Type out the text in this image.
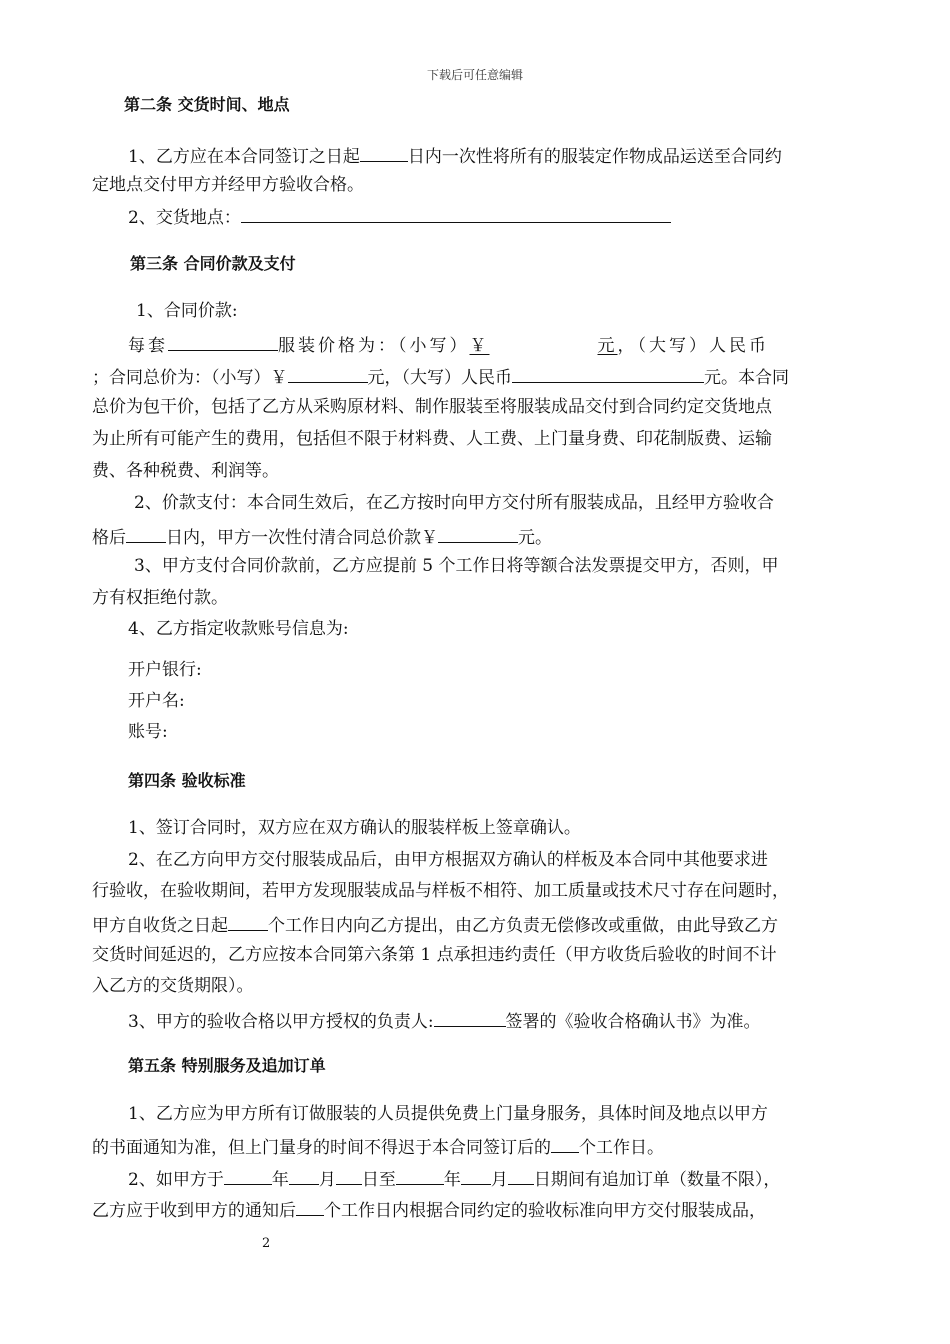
下载后可任意编辑
第二条 交货时间、地点
1、乙方应在本合同签订之日起	日内一次性将所有的服装定作物成品运送至合同约
定地点交付甲方并经甲方验收合格。
2、交货地点：
第三条 合同价款及支付
1、合同价款:
每套	服装价格为：（小写）￥	元，（大写）人民币
；合同总价为：（小写）￥	元，（大写）人民币	元。本合同
总价为包干价，包括了乙方从采购原材料、制作服装至将服装成品交付到合同约定交货地点
为止所有可能产生的费用，包括但不限于材料费、人工费、上门量身费、印花制版费、运输
费、各种税费、利润等。
2、价款支付：本合同生效后，在乙方按时向甲方交付所有服装成品，且经甲方验收合
格后 日内，甲方一次性付清合同总价款￥	元。
3、甲方支付合同价款前，乙方应提前 5 个工作日将等额合法发票提交甲方，否则，甲
方有权拒绝付款。
4、乙方指定收款账号信息为:
开户银行:
开户名:
账号:
第四条 验收标准
1、签订合同时，双方应在双方确认的服装样板上签章确认。
2、在乙方向甲方交付服装成品后，由甲方根据双方确认的样板及本合同中其他要求进
行验收，在验收期间，若甲方发现服装成品与样板不相符、加工质量或技术尺寸存在问题时，
甲方自收货之日起 个工作日内向乙方提出，由乙方负责无偿修改或重做，由此导致乙方
交货时间延迟的，乙方应按本合同第六条第 1 点承担违约责任（甲方收货后验收的时间不计
入乙方的交货期限）。
3、甲方的验收合格以甲方授权的负责人:	签署的《验收合格确认书》为准。
第五条 特别服务及追加订单
1、乙方应为甲方所有订做服装的人员提供免费上门量身服务，具体时间及地点以甲方
的书面通知为准，但上门量身的时间不得迟于本合同签订后的 个工作日。
2、如甲方于	年 月 日至	年 月 日期间有追加订单（数量不限），
乙方应于收到甲方的通知后 个工作日内根据合同约定的验收标准向甲方交付服装成品，
2
